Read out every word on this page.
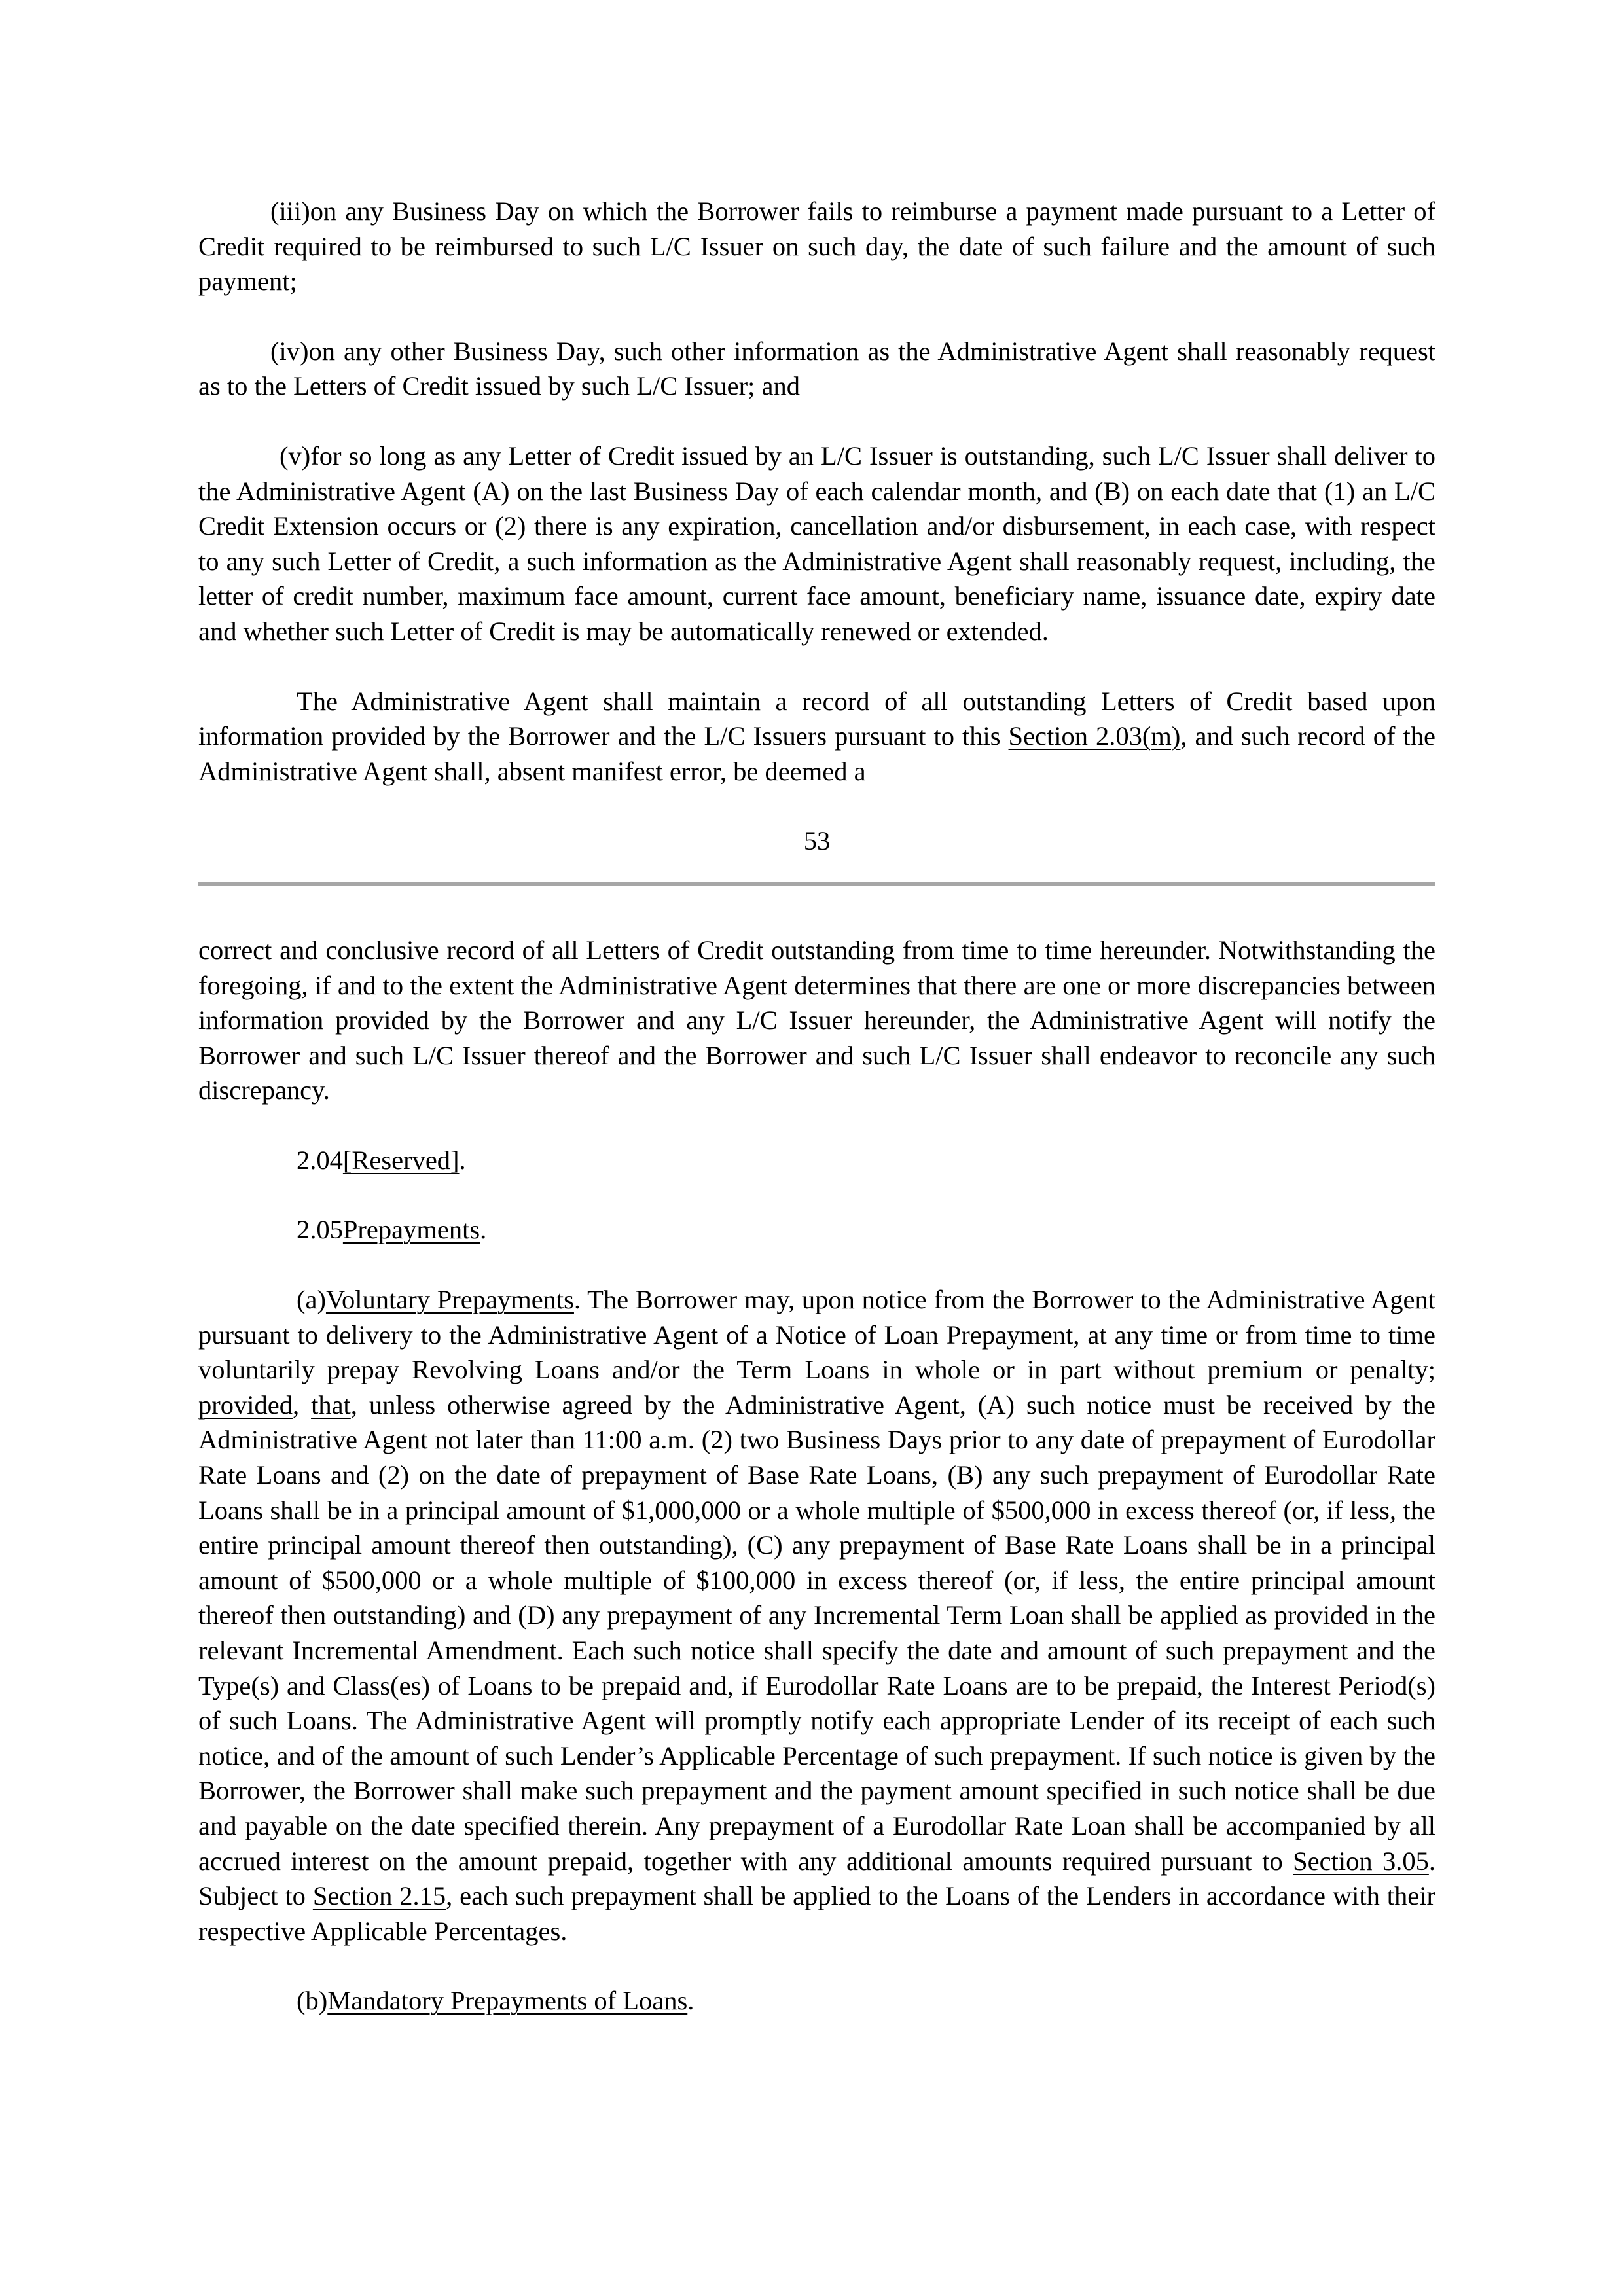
(iii)on any Business Day on which the Borrower fails to reimburse a payment made pursuant to a Letter of Credit required to be reimbursed to such L/C Issuer on such day, the date of such failure and the amount of such payment;

(iv)on any other Business Day, such other information as the Administrative Agent shall reasonably request as to the Letters of Credit issued by such L/C Issuer; and

(v)for so long as any Letter of Credit issued by an L/C Issuer is outstanding, such L/C Issuer shall deliver to the Administrative Agent (A) on the last Business Day of each calendar month, and (B) on each date that (1) an L/C Credit Extension occurs or (2) there is any expiration, cancellation and/or disbursement, in each case, with respect to any such Letter of Credit, a such information as the Administrative Agent shall reasonably request, including, the letter of credit number, maximum face amount, current face amount, beneficiary name, issuance date, expiry date and whether such Letter of Credit is may be automatically renewed or extended.

The Administrative Agent shall maintain a record of all outstanding Letters of Credit based upon information provided by the Borrower and the L/C Issuers pursuant to this Section 2.03(m), and such record of the Administrative Agent shall, absent manifest error, be deemed a

53

correct and conclusive record of all Letters of Credit outstanding from time to time hereunder. Notwithstanding the foregoing, if and to the extent the Administrative Agent determines that there are one or more discrepancies between information provided by the Borrower and any L/C Issuer hereunder, the Administrative Agent will notify the Borrower and such L/C Issuer thereof and the Borrower and such L/C Issuer shall endeavor to reconcile any such discrepancy.

2.04[Reserved].

2.05Prepayments.

(a)Voluntary Prepayments. The Borrower may, upon notice from the Borrower to the Administrative Agent pursuant to delivery to the Administrative Agent of a Notice of Loan Prepayment, at any time or from time to time voluntarily prepay Revolving Loans and/or the Term Loans in whole or in part without premium or penalty; provided, that, unless otherwise agreed by the Administrative Agent, (A) such notice must be received by the Administrative Agent not later than 11:00 a.m. (2) two Business Days prior to any date of prepayment of Eurodollar Rate Loans and (2) on the date of prepayment of Base Rate Loans, (B) any such prepayment of Eurodollar Rate Loans shall be in a principal amount of $1,000,000 or a whole multiple of $500,000 in excess thereof (or, if less, the entire principal amount thereof then outstanding), (C) any prepayment of Base Rate Loans shall be in a principal amount of $500,000 or a whole multiple of $100,000 in excess thereof (or, if less, the entire principal amount thereof then outstanding) and (D) any prepayment of any Incremental Term Loan shall be applied as provided in the relevant Incremental Amendment. Each such notice shall specify the date and amount of such prepayment and the Type(s) and Class(es) of Loans to be prepaid and, if Eurodollar Rate Loans are to be prepaid, the Interest Period(s) of such Loans. The Administrative Agent will promptly notify each appropriate Lender of its receipt of each such notice, and of the amount of such Lender’s Applicable Percentage of such prepayment. If such notice is given by the Borrower, the Borrower shall make such prepayment and the payment amount specified in such notice shall be due and payable on the date specified therein. Any prepayment of a Eurodollar Rate Loan shall be accompanied by all accrued interest on the amount prepaid, together with any additional amounts required pursuant to Section 3.05. Subject to Section 2.15, each such prepayment shall be applied to the Loans of the Lenders in accordance with their respective Applicable Percentages.

(b)Mandatory Prepayments of Loans.
